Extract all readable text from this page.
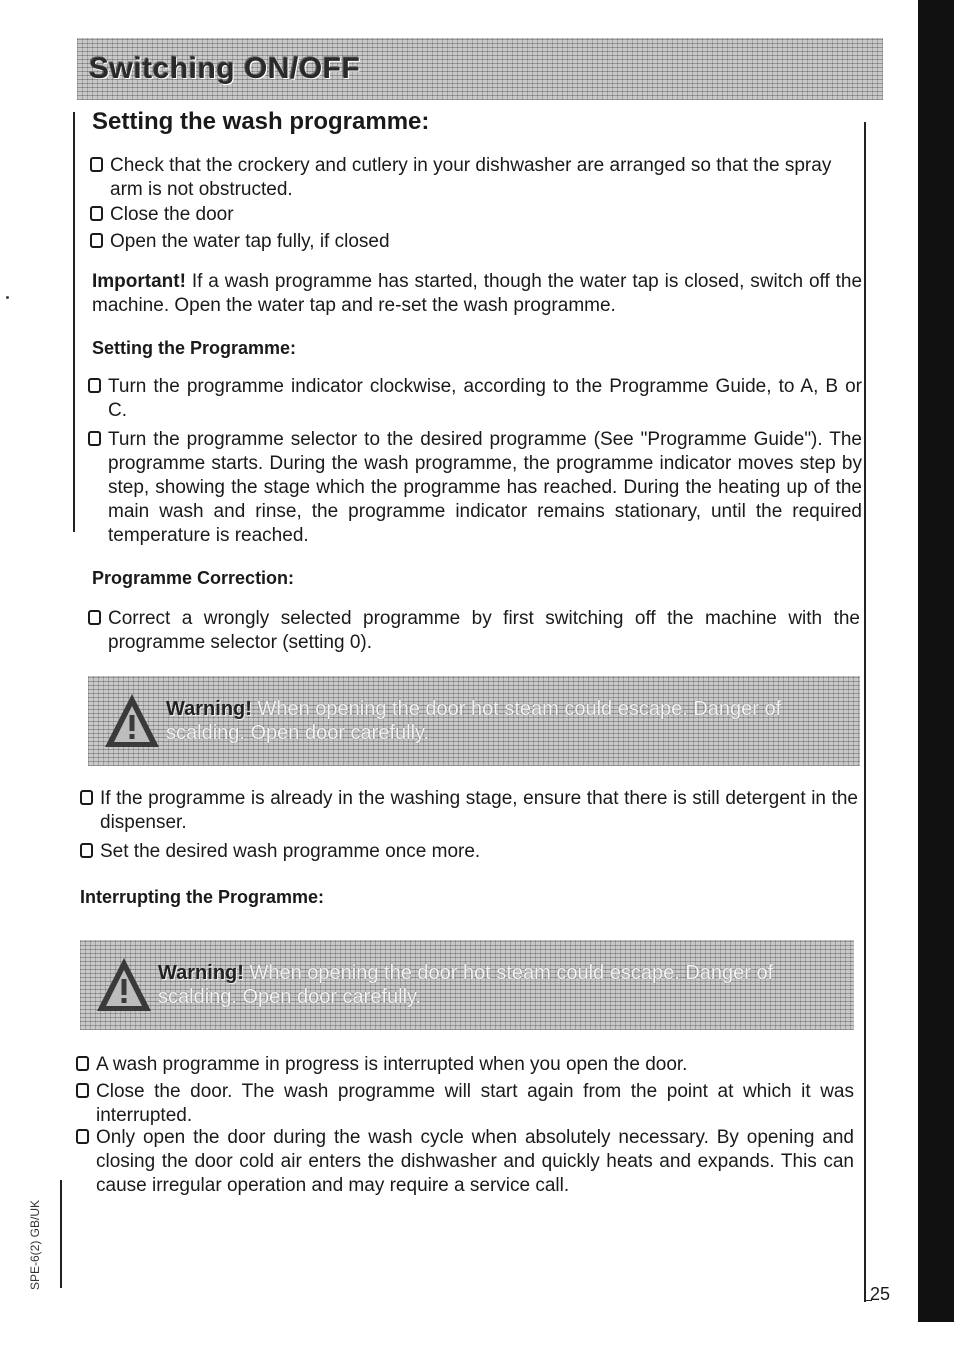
Switching ON/OFF
Setting the wash programme:
Check that the crockery and cutlery in your dishwasher are arranged so that the spray arm is not obstructed.
Close the door
Open the water tap fully, if closed
Important! If a wash programme has started, though the water tap is closed, switch off the machine. Open the water tap and re-set the wash programme.
Setting the Programme:
Turn the programme indicator clockwise, according to the Programme Guide, to A, B or C.
Turn the programme selector to the desired programme (See "Programme Guide"). The programme starts. During the wash programme, the programme indicator moves step by step, showing the stage which the programme has reached. During the heating up of the main wash and rinse, the programme indicator remains stationary, until the required temperature is reached.
Programme Correction:
Correct a wrongly selected programme by first switching off the machine with the programme selector (setting 0).
Warning! When opening the door hot steam could escape. Danger of scalding. Open door carefully.
If the programme is already in the washing stage, ensure that there is still detergent in the dispenser.
Set the desired wash programme once more.
Interrupting the Programme:
Warning! When opening the door hot steam could escape. Danger of scalding. Open door carefully.
A wash programme in progress is interrupted when you open the door.
Close the door. The wash programme will start again from the point at which it was interrupted.
Only open the door during the wash cycle when absolutely necessary. By opening and closing the door cold air enters the dishwasher and quickly heats and expands. This can cause irregular operation and may require a service call.
SPE-6(2) GB/UK
25
